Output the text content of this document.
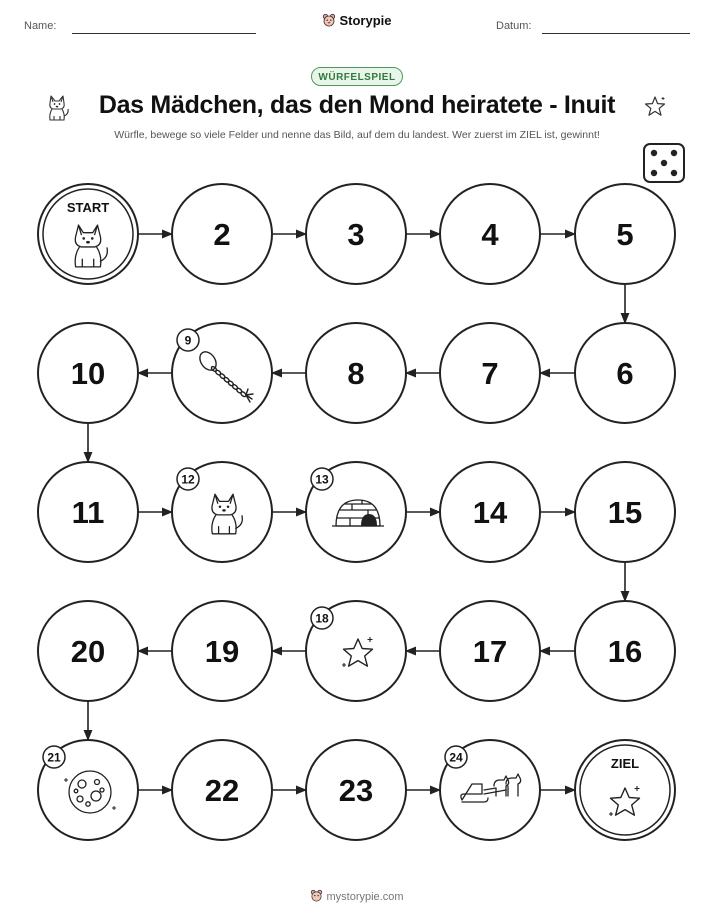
Name:	Storypie	Datum:
WÜRFELSPIEL
Das Mädchen, das den Mond heiratete - Inuit
Würfle, bewege so viele Felder und nenne das Bild, auf dem du landest. Wer zuerst im ZIEL ist, gewinnt!
START
2	3	4	5
10
9
8	7	6
11
12	13
14	15
20	19
18
17	16
21
22	23
24	ZIEL
mystorypie.com
